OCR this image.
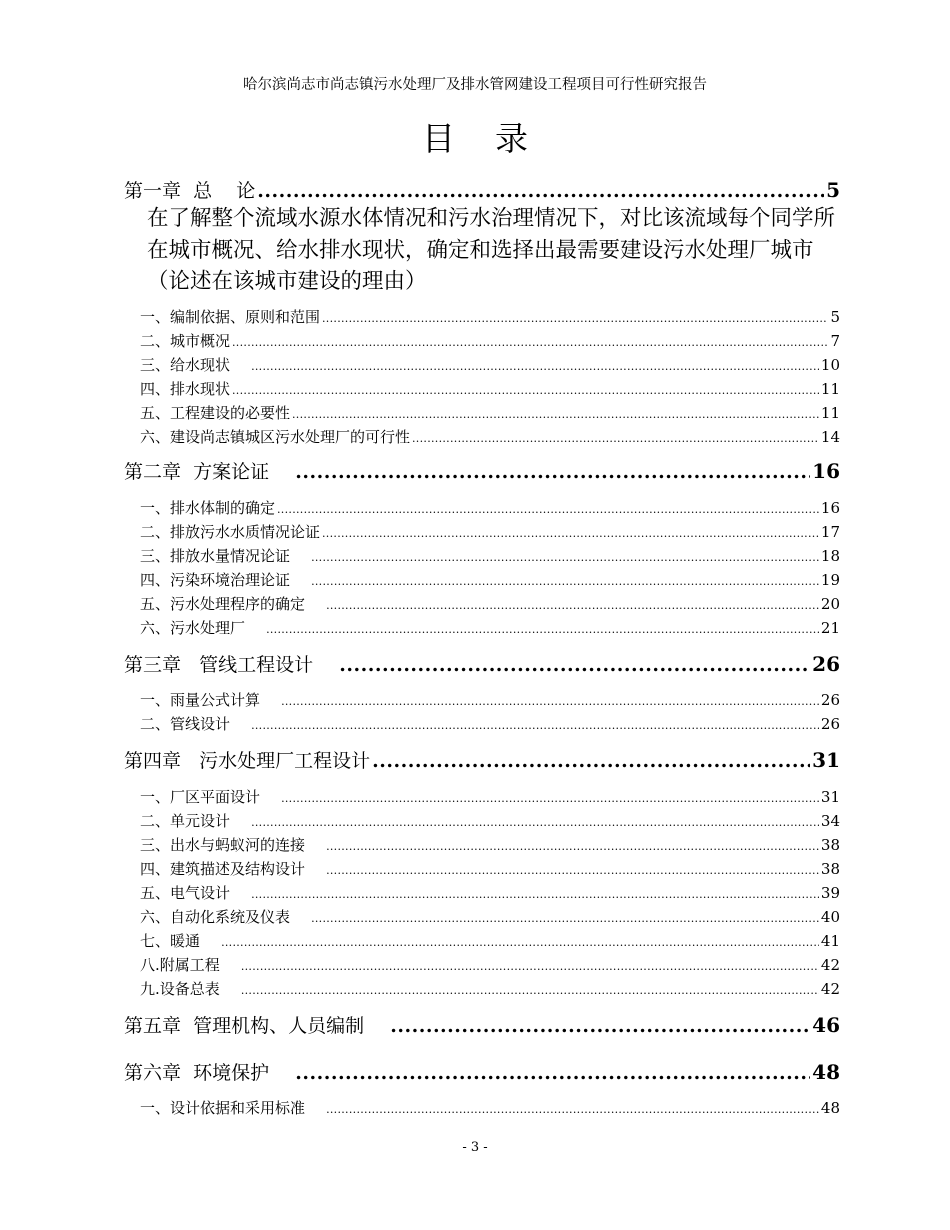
哈尔滨尚志市尚志镇污水处理厂及排水管网建设工程项目可行性研究报告
目录
在了解整个流域水源水体情况和污水治理情况下，对比该流域每个同学所在城市概况、给水排水现状，确定和选择出最需要建设污水处理厂城市（论述在该城市建设的理由）
第一章  总    论 .....	5
一、编制依据、原则和范围 .....	5
二、城市概况 .....	7
三、给水现状 .....	10
四、排水现状 .....	11
五、工程建设的必要性 .....	11
六、建设尚志镇城区污水处理厂的可行性 .....	14
第二章  方案论证 .....	16
一、排水体制的确定 .....	16
二、排放污水水质情况论证 .....	17
三、排放水量情况论证 .....	18
四、污染环境治理论证 .....	19
五、污水处理程序的确定 .....	20
六、污水处理厂 .....	21
第三章   管线工程设计 .....	26
一、雨量公式计算 .....	26
二、管线设计 .....	26
第四章   污水处理厂工程设计 .....	31
一、厂区平面设计 .....	31
二、单元设计 .....	34
三、出水与蚂蚁河的连接 .....	38
四、建筑描述及结构设计 .....	38
五、电气设计 .....	39
六、自动化系统及仪表 .....	40
七、暖通 .....	41
八.附属工程 .....	42
九.设备总表 .....	42
第五章  管理机构、人员编制 .....	46
第六章  环境保护 .....	48
一、设计依据和采用标准 .....	48
- 3 -
